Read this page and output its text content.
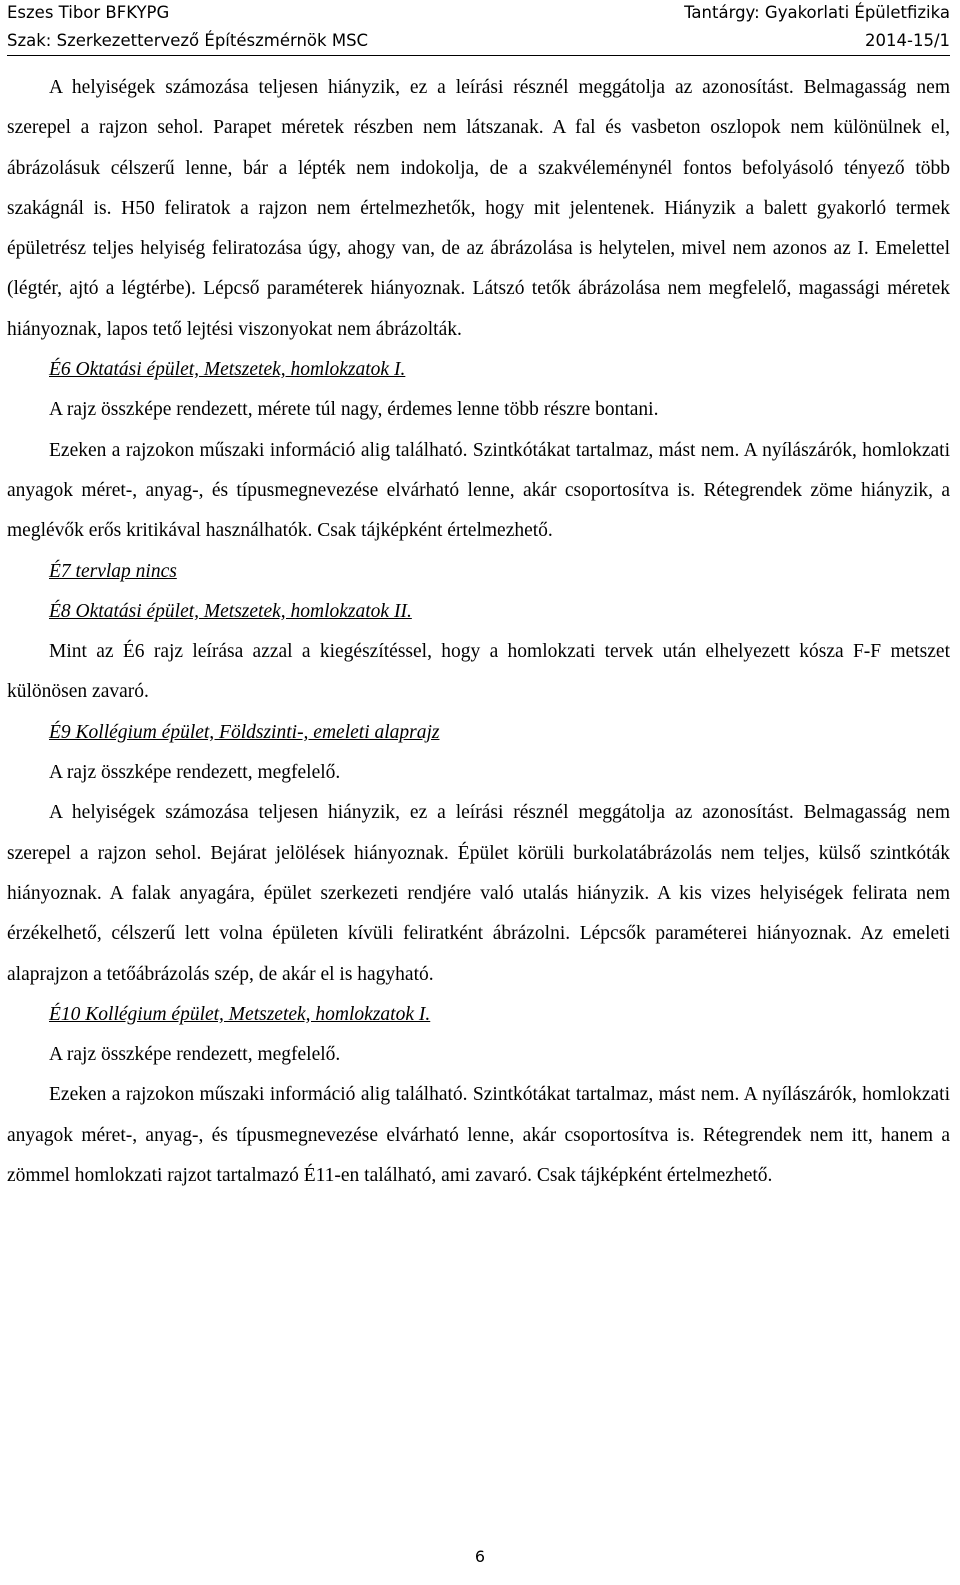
Eszes Tibor BFKYPG	Tantárgy: Gyakorlati Épületfizika
Szak: Szerkezettervező Építészmérnök MSC	2014-15/1

A helyiségek számozása teljesen hiányzik, ez a leírási résznél meggátolja az azonosítást. Belmagasság nem szerepel a rajzon sehol. Parapet méretek részben nem látszanak. A fal és vasbeton oszlopok nem különülnek el, ábrázolásuk célszerű lenne, bár a lépték nem indokolja, de a szakvéleménynél fontos befolyásoló tényező több szakágnál is. H50 feliratok a rajzon nem értelmezhetők, hogy mit jelentenek. Hiányzik a balett gyakorló termek épületrész teljes helyiség feliratozása úgy, ahogy van, de az ábrázolása is helytelen, mivel nem azonos az I. Emelettel (légtér, ajtó a légtérbe). Lépcső paraméterek hiányoznak. Látszó tetők ábrázolása nem megfelelő, magassági méretek hiányoznak, lapos tető lejtési viszonyokat nem ábrázolták.

É6 Oktatási épület, Metszetek, homlokzatok I.

A rajz összképe rendezett, mérete túl nagy, érdemes lenne több részre bontani.

Ezeken a rajzokon műszaki információ alig található. Szintkótákat tartalmaz, mást nem. A nyílászárók, homlokzati anyagok méret-, anyag-, és típusmegnevezése elvárható lenne, akár csoportosítva is. Rétegrendek zöme hiányzik, a meglévők erős kritikával használhatók. Csak tájképként értelmezhető.

É7 tervlap nincs

É8 Oktatási épület, Metszetek, homlokzatok II.

Mint az É6 rajz leírása azzal a kiegészítéssel, hogy a homlokzati tervek után elhelyezett kósza F-F metszet különösen zavaró.

É9 Kollégium épület, Földszinti-, emeleti alaprajz

A rajz összképe rendezett, megfelelő.

A helyiségek számozása teljesen hiányzik, ez a leírási résznél meggátolja az azonosítást. Belmagasság nem szerepel a rajzon sehol. Bejárat jelölések hiányoznak. Épület körüli burkolatábrázolás nem teljes, külső szintkóták hiányoznak. A falak anyagára, épület szerkezeti rendjére való utalás hiányzik. A kis vizes helyiségek felirata nem érzékelhető, célszerű lett volna épületen kívüli feliratként ábrázolni. Lépcsők paraméterei hiányoznak. Az emeleti alaprajzon a tetőábrázolás szép, de akár el is hagyható.

É10 Kollégium épület, Metszetek, homlokzatok I.

A rajz összképe rendezett, megfelelő.

Ezeken a rajzokon műszaki információ alig található. Szintkótákat tartalmaz, mást nem. A nyílászárók, homlokzati anyagok méret-, anyag-, és típusmegnevezése elvárható lenne, akár csoportosítva is. Rétegrendek nem itt, hanem a zömmel homlokzati rajzot tartalmazó É11-en található, ami zavaró. Csak tájképként értelmezhető.

6
